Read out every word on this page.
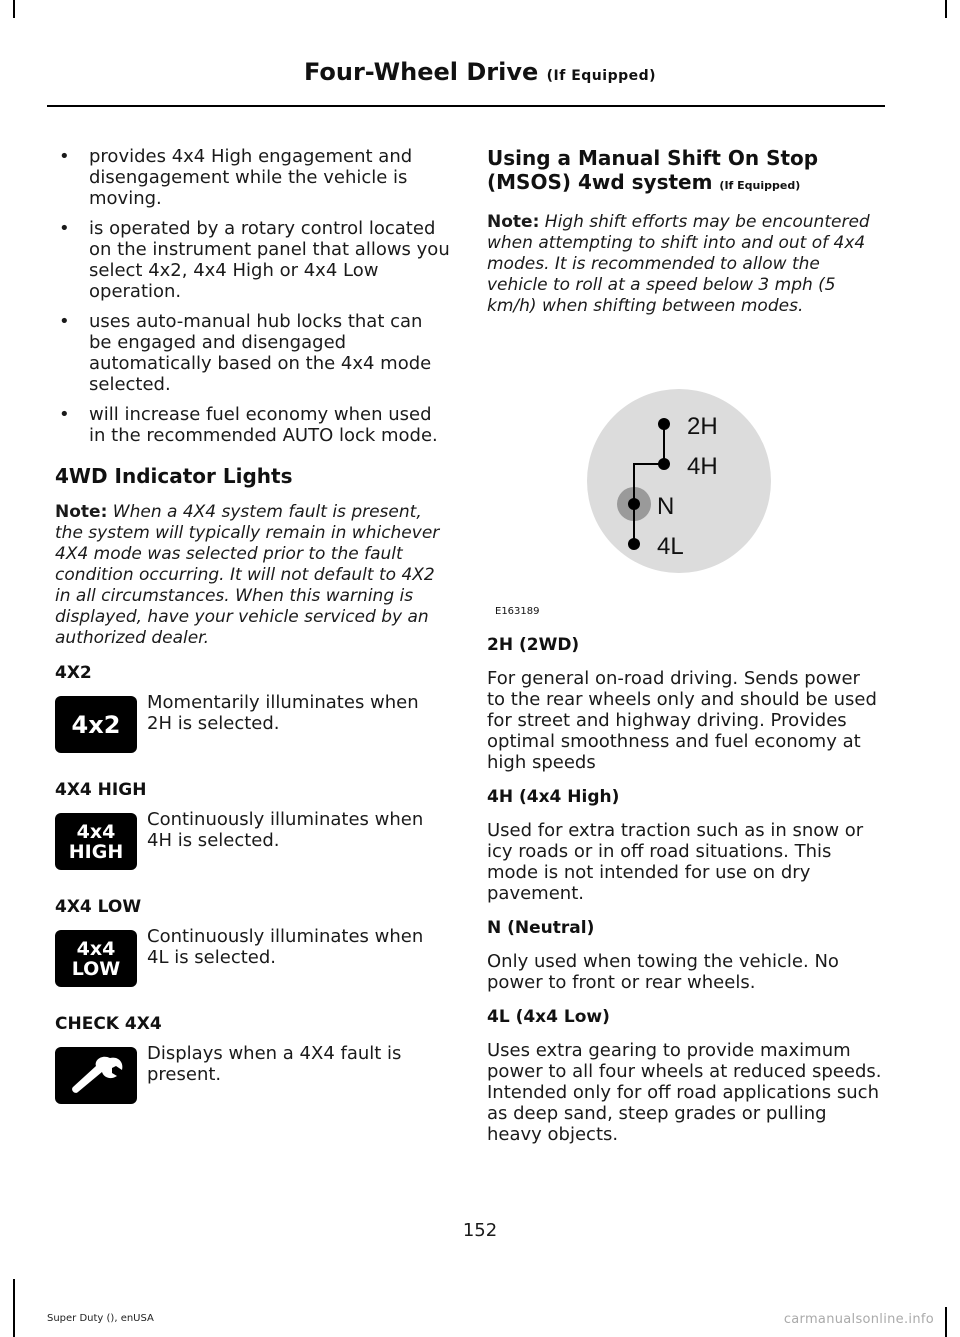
Four-Wheel Drive (If Equipped)
• provides 4x4 High engagement and disengagement while the vehicle is moving.
• is operated by a rotary control located on the instrument panel that allows you select 4x2, 4x4 High or 4x4 Low operation.
• uses auto-manual hub locks that can be engaged and disengaged automatically based on the 4x4 mode selected.
• will increase fuel economy when used in the recommended AUTO lock mode.
4WD Indicator Lights
Note: When a 4X4 system fault is present, the system will typically remain in whichever 4X4 mode was selected prior to the fault condition occurring. It will not default to 4X2 in all circumstances. When this warning is displayed, have your vehicle serviced by an authorized dealer.
4X2
4x2
Momentarily illuminates when 2H is selected.
4X4 HIGH
4x4
HIGH
Continuously illuminates when 4H is selected.
4X4 LOW
4x4
LOW
Continuously illuminates when 4L is selected.
CHECK 4X4
Displays when a 4X4 fault is present.
Using a Manual Shift On Stop (MSOS) 4wd system (If Equipped)
Note: High shift efforts may be encountered when attempting to shift into and out of 4x4 modes. It is recommended to allow the vehicle to roll at a speed below 3 mph (5 km/h) when shifting between modes.
2H
4H
N
4L
E163189
2H (2WD)

For general on-road driving. Sends power to the rear wheels only and should be used for street and highway driving. Provides optimal smoothness and fuel economy at high speeds

4H (4x4 High)

Used for extra traction such as in snow or icy roads or in off road situations. This mode is not intended for use on dry pavement.

N (Neutral)

Only used when towing the vehicle. No power to front or rear wheels.

4L (4x4 Low)

Uses extra gearing to provide maximum power to all four wheels at reduced speeds. Intended only for off road applications such as deep sand, steep grades or pulling heavy objects.

152
Super Duty (), enUSA	carmanualsonline.info
